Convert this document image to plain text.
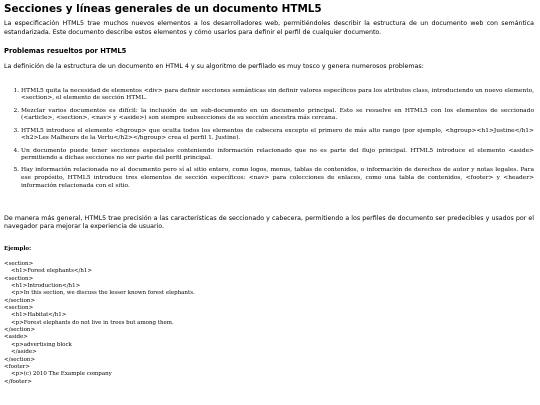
Secciones y líneas generales de un documento HTML5

La especificación HTML5 trae muchos nuevos elementos a los desarrolladores web, permitiéndoles describir la estructura de un documento web con semántica estandarizada. Este documento describe estos elementos y cómo usarlos para definir el perfil de cualquier documento.

Problemas resueltos por HTML5

La definición de la estructura de un documento en HTML 4 y su algoritmo de perfilado es muy tosco y genera numerosos problemas:

1. HTML5 quita la necesidad de elementos <div> para definir secciones semánticas sin definir valores específicos para los atributos class, introduciendo un nuevo elemento, <section>, el elemento de sección HTML.
2. Mezclar varios documentos es difícil: la inclusión de un sub-documento en un documento principal. Esto se resuelve en HTML5 con los elementos de seccionado (<article>, <section>, <nav> y <aside>) son siempre subsecciones de su sección ancestra más cercana.
3. HTML5 introduce el elemento <hgroup> que oculta todos los elementos de cabecera excepto el primero de más alto rango (por ejemplo, <hgroup><h1>Justine</h1><h2>Les Malheurs de la Vertu</h2></hgroup> crea el perfil 1. Justine).
4. Un documento puede tener secciones especiales conteniendo información relacionado que no es parte del flujo principal. HTML5 introduce el elemento <aside> permitiendo a dichas secciones no ser parte del perfil principal.
5. Hay información relacionada no al documento pero sí al sitio entero, como logos, menus, tablas de contenidos, o información de derechos de autor y notas legales. Para ese propósito, HTML5 introduce tres elementos de sección específicos: <nav> para colecciones de enlaces, como una tabla de contenidos, <footer> y <header> información relacionada con el sitio.

De manera más general, HTML5 trae precisión a las características de seccionado y cabecera, permitiendo a los perfiles de documento ser predecibles y usados por el navegador para mejorar la experiencia de usuario.

Ejemplo:
<section>
<h1>Forest elephants</h1>
<section>
<h1>Introduction</h1>
<p>In this section, we discuss the lesser known forest elephants.
</section>
<section>
<h1>Habitat</h1>
<p>Forest elephants do not live in trees but among them.
</section>
<aside>
<p>advertising block
</aside>
</section>
<footer>
<p>(c) 2010 The Example company
</footer>
